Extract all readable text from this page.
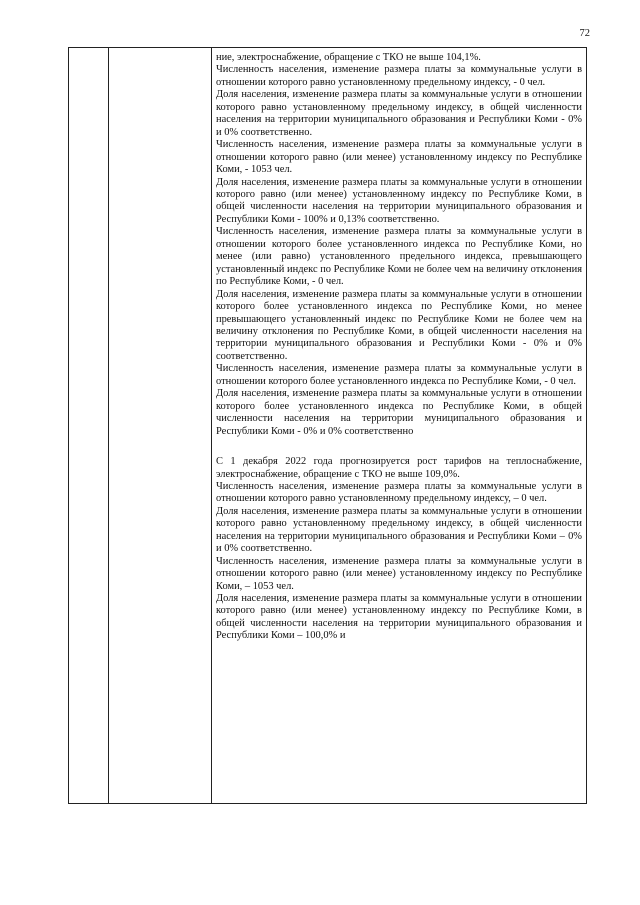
72

ние, электроснабжение, обращение с ТКО не выше 104,1%.

Численность населения, изменение размера платы за коммунальные услуги в отношении которого равно установленному предельному индексу, - 0 чел.

Доля населения, изменение размера платы за коммунальные услуги в отношении которого равно установленному предельному индексу, в общей численности населения на территории муниципального образования и Республики Коми - 0% и 0% соответственно.

Численность населения, изменение размера платы за коммунальные услуги в отношении которого равно (или менее) установленному индексу по Республике Коми, - 1053 чел.

Доля населения, изменение размера платы за коммунальные услуги в отношении которого равно (или менее) установленному индексу по Республике Коми, в общей численности населения на территории муниципального образования и Республики Коми - 100% и 0,13% соответственно.

Численность населения, изменение размера платы за коммунальные услуги в отношении которого более установленного индекса по Республике Коми, но менее (или равно) установленного предельного индекса, превышающего установленный индекс по Республике Коми не более чем на величину отклонения по Республике Коми, - 0 чел.

Доля населения, изменение размера платы за коммунальные услуги в отношении которого более установленного индекса по Республике Коми, но менее превышающего установленный индекс по Республике Коми не более чем на величину отклонения по Республике Коми, в общей численности населения на территории муниципального образования и Республики Коми - 0% и 0% соответственно.

Численность населения, изменение размера платы за коммунальные услуги в отношении которого более установленного индекса по Республике Коми, - 0 чел.

Доля населения, изменение размера платы за коммунальные услуги в отношении которого более установленного индекса по Республике Коми, в общей численности населения на территории муниципального образования и Республики Коми - 0% и 0% соответственно

С 1 декабря 2022 года прогнозируется рост тарифов на теплоснабжение, электроснабжение, обращение с ТКО не выше 109,0%.

Численность населения, изменение размера платы за коммунальные услуги в отношении которого равно установленному предельному индексу, – 0 чел.

Доля населения, изменение размера платы за коммунальные услуги в отношении которого равно установленному предельному индексу, в общей численности населения на территории муниципального образования и Республики Коми – 0% и 0% соответственно.

Численность населения, изменение размера платы за коммунальные услуги в отношении которого равно (или менее) установленному индексу по Республике Коми, – 1053 чел.

Доля населения, изменение размера платы за коммунальные услуги в отношении которого равно (или менее) установленному индексу по Республике Коми, в общей численности населения на территории муниципального образования и Республики Коми – 100,0% и
